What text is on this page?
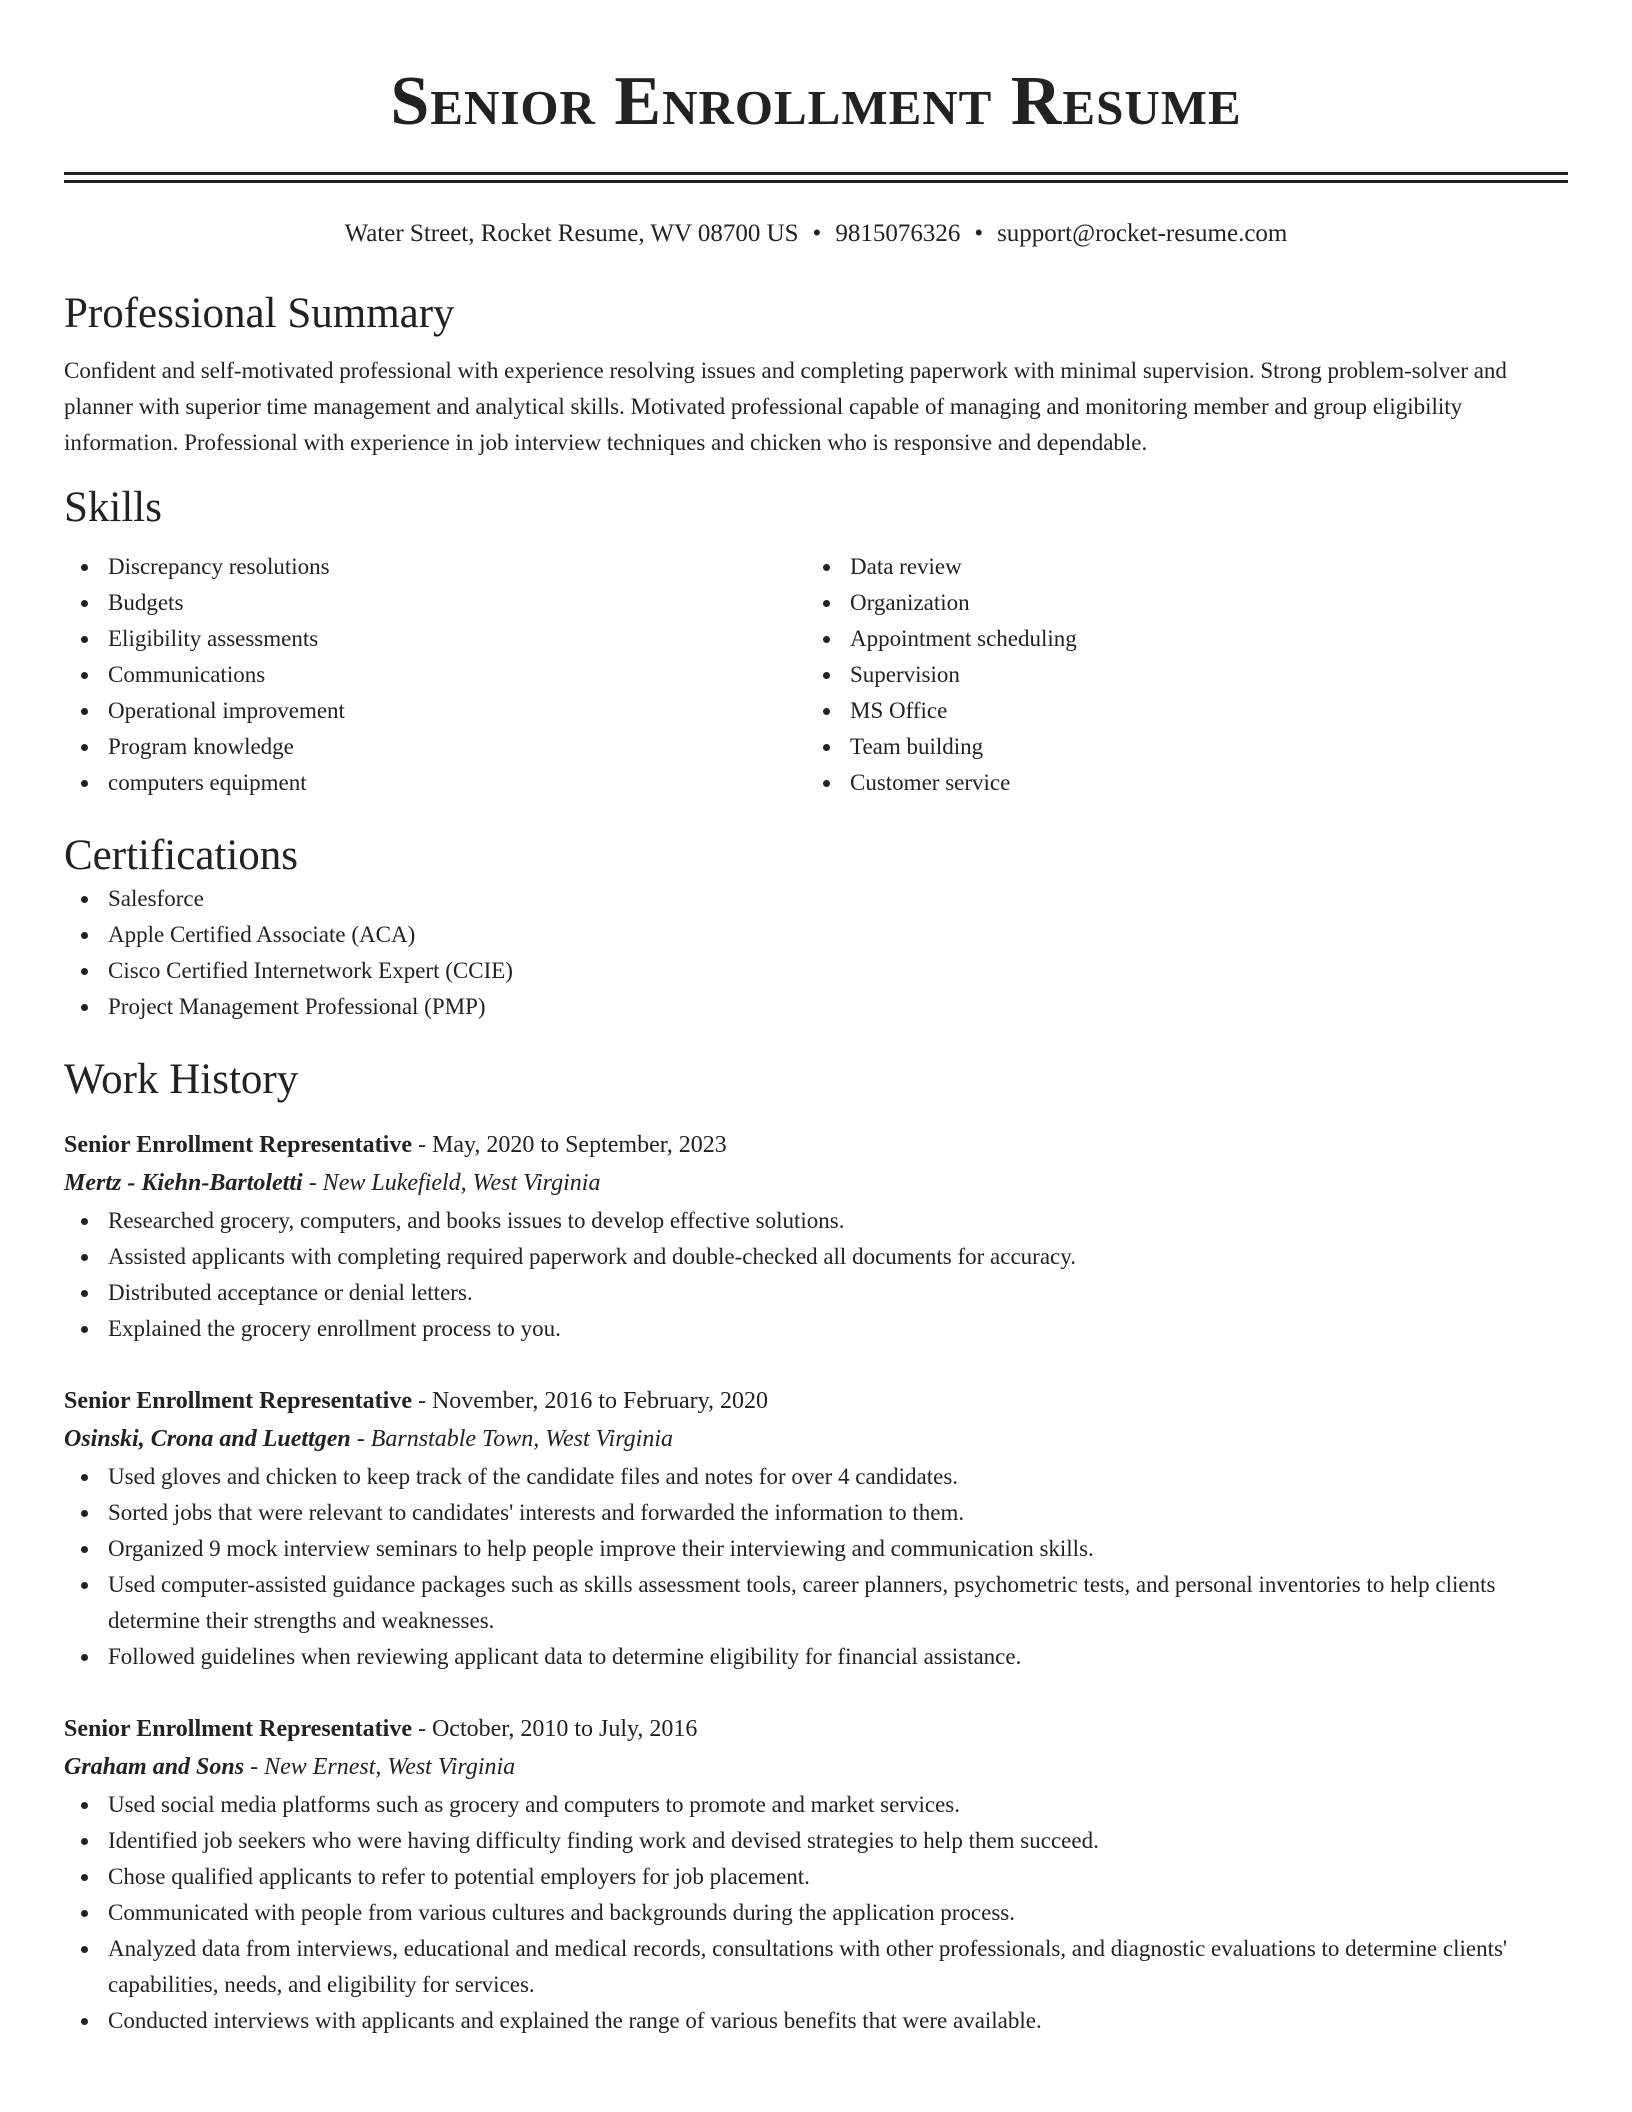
Senior Enrollment Resume
Water Street, Rocket Resume, WV 08700 US • 9815076326 • support@rocket-resume.com
Professional Summary
Confident and self-motivated professional with experience resolving issues and completing paperwork with minimal supervision. Strong problem-solver and planner with superior time management and analytical skills. Motivated professional capable of managing and monitoring member and group eligibility information. Professional with experience in job interview techniques and chicken who is responsive and dependable.
Skills
Discrepancy resolutions
Budgets
Eligibility assessments
Communications
Operational improvement
Program knowledge
computers equipment
Data review
Organization
Appointment scheduling
Supervision
MS Office
Team building
Customer service
Certifications
Salesforce
Apple Certified Associate (ACA)
Cisco Certified Internetwork Expert (CCIE)
Project Management Professional (PMP)
Work History
Senior Enrollment Representative - May, 2020 to September, 2023
Mertz - Kiehn-Bartoletti - New Lukefield, West Virginia
Researched grocery, computers, and books issues to develop effective solutions.
Assisted applicants with completing required paperwork and double-checked all documents for accuracy.
Distributed acceptance or denial letters.
Explained the grocery enrollment process to you.
Senior Enrollment Representative - November, 2016 to February, 2020
Osinski, Crona and Luettgen - Barnstable Town, West Virginia
Used gloves and chicken to keep track of the candidate files and notes for over 4 candidates.
Sorted jobs that were relevant to candidates' interests and forwarded the information to them.
Organized 9 mock interview seminars to help people improve their interviewing and communication skills.
Used computer-assisted guidance packages such as skills assessment tools, career planners, psychometric tests, and personal inventories to help clients determine their strengths and weaknesses.
Followed guidelines when reviewing applicant data to determine eligibility for financial assistance.
Senior Enrollment Representative - October, 2010 to July, 2016
Graham and Sons - New Ernest, West Virginia
Used social media platforms such as grocery and computers to promote and market services.
Identified job seekers who were having difficulty finding work and devised strategies to help them succeed.
Chose qualified applicants to refer to potential employers for job placement.
Communicated with people from various cultures and backgrounds during the application process.
Analyzed data from interviews, educational and medical records, consultations with other professionals, and diagnostic evaluations to determine clients' capabilities, needs, and eligibility for services.
Conducted interviews with applicants and explained the range of various benefits that were available.
